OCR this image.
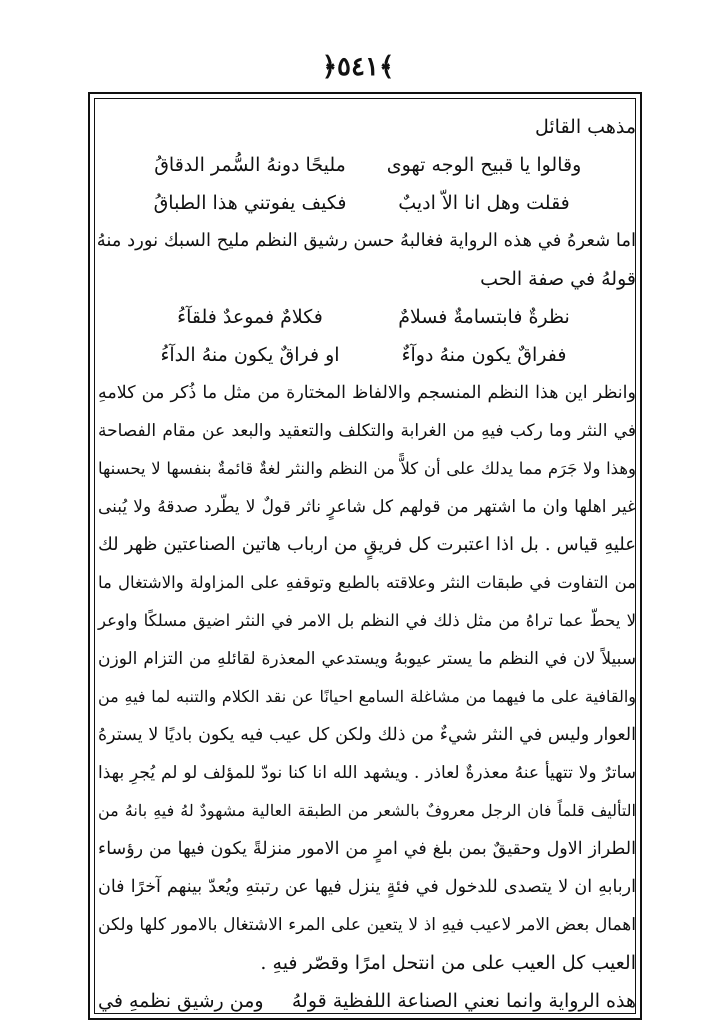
﴿٥٤١﴾
مذهب القائل
وقالوا يا قبيح الوجه تهوى
مليحًا دونهُ السُّمر الدقاقُ
فقلت وهل انا الاّ اديبٌ
فكيف يفوتني هذا الطباقُ
اما شعرهُ في هذه الرواية فغالبهُ حسن رشيق النظم مليح السبك نورد منهُ
قولهُ في صفة الحب
نظرةٌ فابتسامةٌ فسلامٌ
فكلامٌ فموعدٌ فلقآءُ
ففراقٌ يكون منهُ دوآءٌ
او فراقٌ يكون منهُ الدآءُ
وانظر اين هذا النظم المنسجم والالفاظ المختارة من مثل ما ذُكر من كلامهِ
في النثر وما ركب فيهِ من الغرابة والتكلف والتعقيد والبعد عن مقام الفصاحة
وهذا ولا جَرَم مما يدلك على أن كلاًّ من النظم والنثر لغةٌ قائمةٌ بنفسها لا يحسنها
غير اهلها وان ما اشتهر من قولهم كل شاعرٍ ناثر قولٌ لا يطّرد صدقهُ ولا يُبنى
عليهِ قياس . بل اذا اعتبرت كل فريقٍ من ارباب هاتين الصناعتين ظهر لك
من التفاوت في طبقات النثر وعلاقته بالطبع وتوقفهِ على المزاولة والاشتغال ما
لا يحطّ عما تراهُ من مثل ذلك في النظم بل الامر في النثر اضيق مسلكًا واوعر
سبيلاً لان في النظم ما يستر عيوبهُ ويستدعي المعذرة لقائلهِ من التزام الوزن
والقافية على ما فيهما من مشاغلة السامع احيانًا عن نقد الكلام والتنبه لما فيهِ من
العوار وليس في النثر شيءٌ من ذلك ولكن كل عيب فيه يكون باديًا لا يسترهُ
ساترٌ ولا تتهيأ عنهُ معذرةٌ لعاذر . ويشهد الله انا كنا نودّ للمؤلف لو لم يُجرِ بهذا
التأليف قلماً فان الرجل معروفٌ بالشعر من الطبقة العالية مشهودٌ لهُ فيهِ بانهُ من
الطراز الاول وحقيقٌ بمن بلغ في امرٍ من الامور منزلةً يكون فيها من رؤساء
اربابهِ ان لا يتصدى للدخول في فئةٍ ينزل فيها عن رتبتهِ ويُعدّ بينهم آخرًا فان
اهمال بعض الامر لاعيب فيهِ اذ لا يتعين على المرء الاشتغال بالامور كلها ولكن
العيب كل العيب على من انتحل امرًا وقصّر فيهِ .
ومن رشيق نظمهِ في	هذه الرواية وانما نعني الصناعة اللفظية قولهُ
